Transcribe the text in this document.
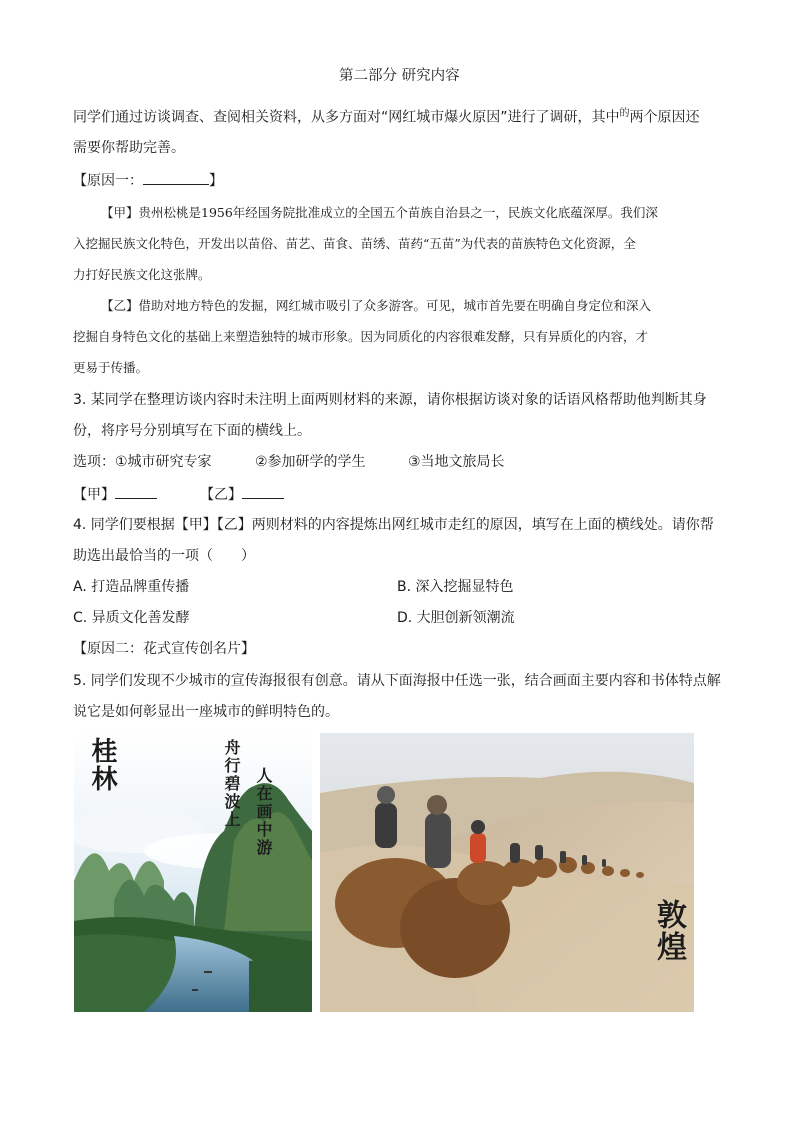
第二部分 研究内容
同学们通过访谈调查、查阅相关资料，从多方面对“网红城市爆火原因”进行了调研，其中$^的$两个原因还
需要你帮助完善。
【原因一：	】
【甲】贵州松桃是1956年经国务院批准成立的全国五个苗族自治县之一，民族文化底蕴深厚。我们深
入挖掘民族文化特色，开发出以苗俗、苗艺、苗食、苗绣、苗药“五苗”为代表的苗族特色文化资源，全
力打好民族文化这张牌。
【乙】借助对地方特色的发掘，网红城市吸引了众多游客。可见，城市首先要在明确自身定位和深入
挖掘自身特色文化的基础上来塑造独特的城市形象。因为同质化的内容很难发酵，只有异质化的内容，才
更易于传播。
3. 某同学在整理访谈内容时未注明上面两则材料的来源，请你根据访谈对象的话语风格帮助他判断其身
份，将序号分别填写在下面的横线上。
选项：①城市研究专家	②参加研学的学生	③当地文旅局长
【甲】	【乙】
4. 同学们要根据【甲】【乙】两则材料的内容提炼出网红城市走红的原因，填写在上面的横线处。请你帮
助选出最恰当的一项（　　）
A. 打造品牌重传播	B. 深入挖掘显特色
C. 异质文化善发酵	D. 大胆创新领潮流
【原因二：花式宣传创名片】
5. 同学们发现不少城市的宣传海报很有创意。请从下面海报中任选一张，结合画面主要内容和书体特点解
说它是如何彰显出一座城市的鲜明特色的。
桂林	舟行碧波上 人在画中游
敦煌
